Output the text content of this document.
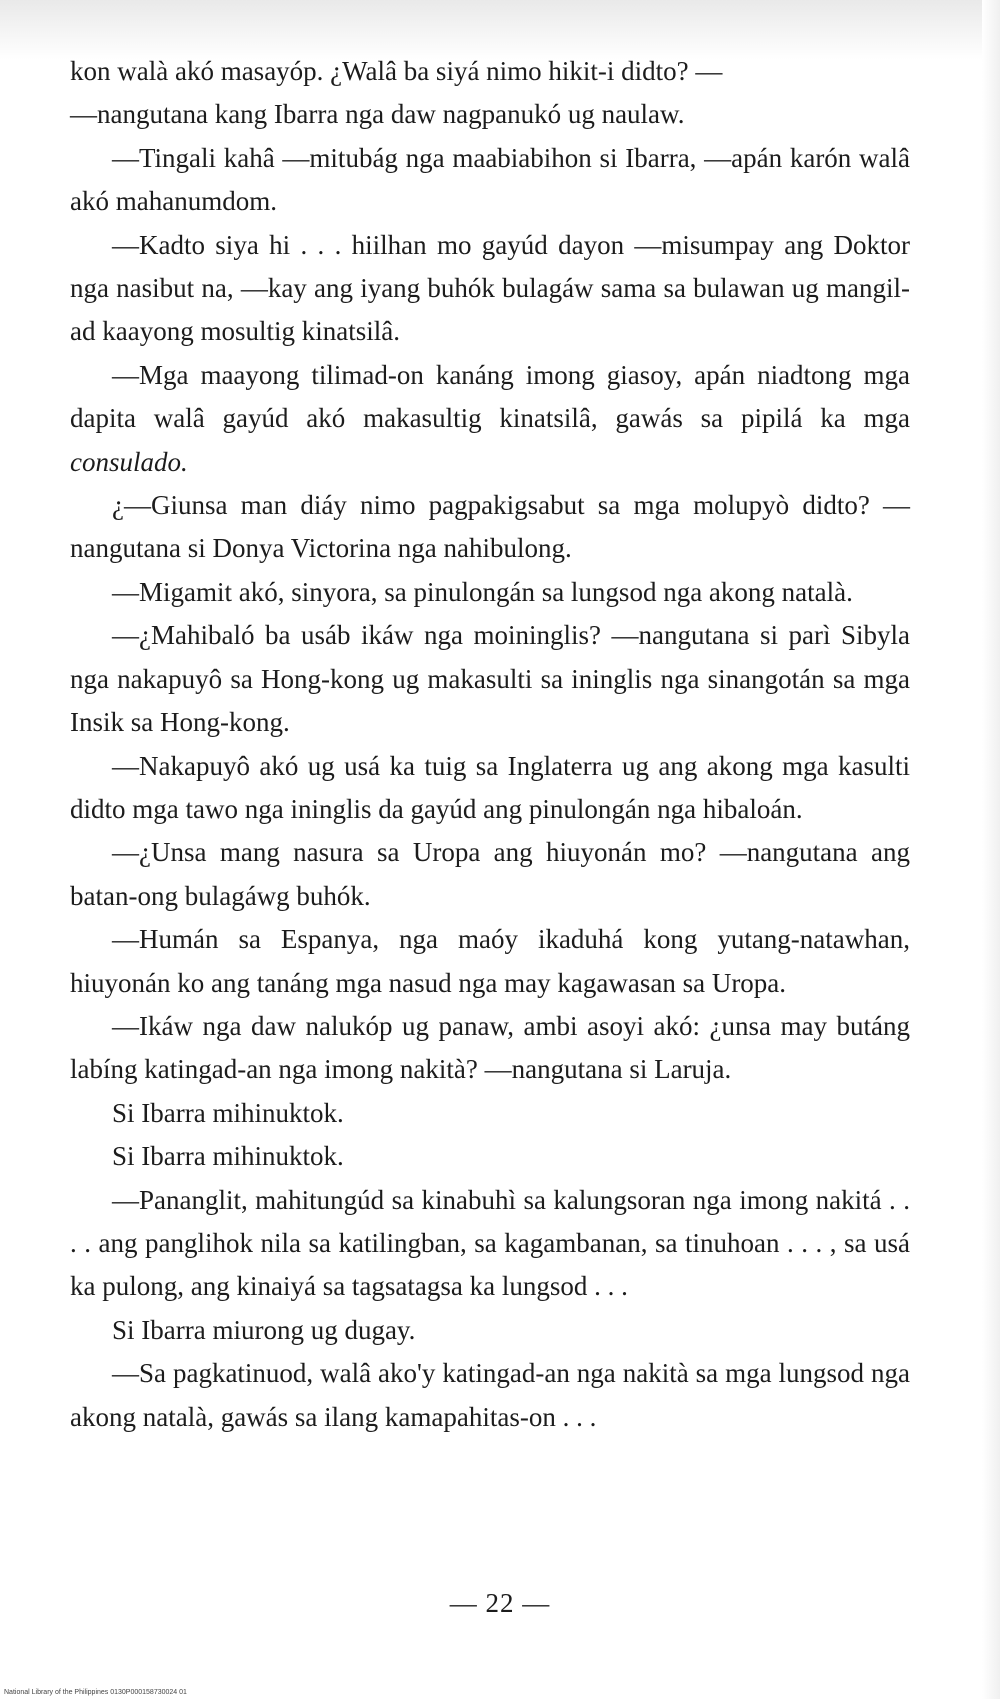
kon walà akó masayóp. ¿Walâ ba siyá nimo hikit-i didto? —

—nangutana kang Ibarra nga daw nagpanukó ug naulaw.

—Tingali kahâ —mitubág nga maabiabihon si Ibarra, —apán karón walâ akó mahanumdom.

—Kadto siya hi . . . hiilhan mo gayúd dayon —misumpay ang Doktor nga nasibut na, —kay ang iyang buhók bulagáw sama sa bulawan ug mangil-ad kaayong mosultig kinatsilâ.

—Mga maayong tilimad-on kanáng imong giasoy, apán niadtong mga dapita walâ gayúd akó makasultig kinatsilâ, gawás sa pipilá ka mga consulado.

¿—Giunsa man diáy nimo pagpakigsabut sa mga molupyò didto? —nangutana si Donya Victorina nga nahibulong.

—Migamit akó, sinyora, sa pinulongán sa lungsod nga akong natalà.

—¿Mahibaló ba usáb ikáw nga moininglis? —nangutana si parì Sibyla nga nakapuyô sa Hong-kong ug makasulti sa ininglis nga sinangotán sa mga Insik sa Hong-kong.

—Nakapuyô akó ug usá ka tuig sa Inglaterra ug ang akong mga kasulti didto mga tawo nga ininglis da gayúd ang pinulongán nga hibaloán.

—¿Unsa mang nasura sa Uropa ang hiuyonán mo? —nangutana ang batan-ong bulagáwg buhók.

—Humán sa Espanya, nga maóy ikaduhá kong yutang-natawhan, hiuyonán ko ang tanáng mga nasud nga may kagawasan sa Uropa.

—Ikáw nga daw nalukóp ug panaw, ambi asoyi akó: ¿unsa may butáng labíng katingad-an nga imong nakità? —nangutana si Laruja.

Si Ibarra mihinuktok.

Si Ibarra mihinuktok.

—Pananglit, mahitungúd sa kinabuhì sa kalungsoran nga imong nakitá . . . . ang panglihok nila sa katilingban, sa kagambanan, sa tinuhoan . . . , sa usá ka pulong, ang kinaiyá sa tagsatagsa ka lungsod . . .

Si Ibarra miurong ug dugay.

—Sa pagkatinuod, walâ ako'y katingad-an nga nakità sa mga lungsod nga akong natalà, gawás sa ilang kamapahitas-on . . .

— 22 —
National Library of the Philippines 0130P000158730024 01
